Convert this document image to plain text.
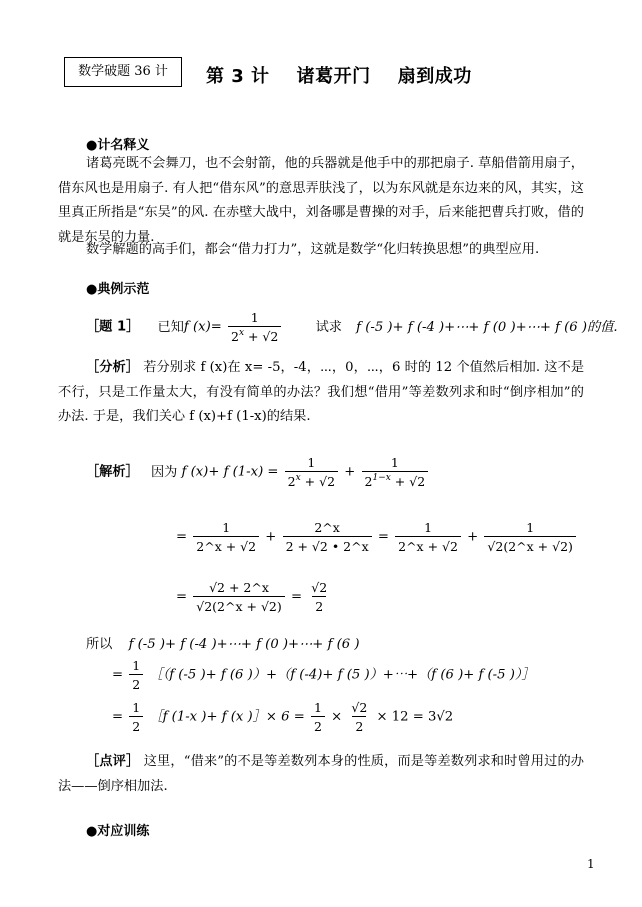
数学破题 36 计	第 3 计    诸葛开门    扇到成功
●计名释义
诸葛亮既不会舞刀，也不会射箭，他的兵器就是他手中的那把扇子. 草船借箭用扇子，借东风也是用扇子. 有人把“借东风”的意思弄肤浅了，以为东风就是东边来的风，其实，这里真正所指是“东吴”的风. 在赤壁大战中，刘备哪是曹操的对手，后来能把曹兵打败，借的就是东吴的力量.
数学解题的高手们，都会“借力打力”，这就是数学“化归转换思想”的典型应用.
●典例示范
［题 1］ 已知f $(x)= \frac{1}{2^x + √2}$	试求 f (-5 )+ f (-4 )+⋯+ f (0 )+⋯+ f (6 )的值.
［分析］ 若分别求 f (x)在 x= -5，-4，⋯，0，⋯，6 时的 12 个值然后相加. 这不是不行，只是工作量太大，有没有简单的办法？我们想“借用”等差数列求和时“倒序相加”的办法. 于是，我们关心 f (x)+f (1-x)的结果.
［解析］ 因为 f (x)+ f $(1-x) = \frac{1}{2^x + √2} + \frac{1}{2^{1-x} + √2}$
= $\frac{1}{2\^{}x + √2} + \frac{2\^{}x}{2 + √2 • 2\^{}x} = \frac{1}{2\^{}x + √2} + \frac{1}{√2(2\^{}x + √2)}$
= $\frac{√2 + 2\^{}x}{√2(2\^{}x + √2)} = \frac{√2}{2}$
所以 f (-5 )+ f (-4 )+⋯+ f (0 )+⋯+ f (6 )
= $\frac{1}{2}$ ［（f (-5 )+ f (6 )）+（f (-4)+ f (5 )）+⋯+（f (6 )+ f (-5 )）］
= $\frac{1}{2}$ ［f (1-x )+ f (x )］× $6 = \frac{1}{2} \times \frac{√2}{2} \times 12 = 3√2$
［点评］ 这里，“借来”的不是等差数列本身的性质，而是等差数列求和时曾用过的办法——倒序相加法.
●对应训练
1
